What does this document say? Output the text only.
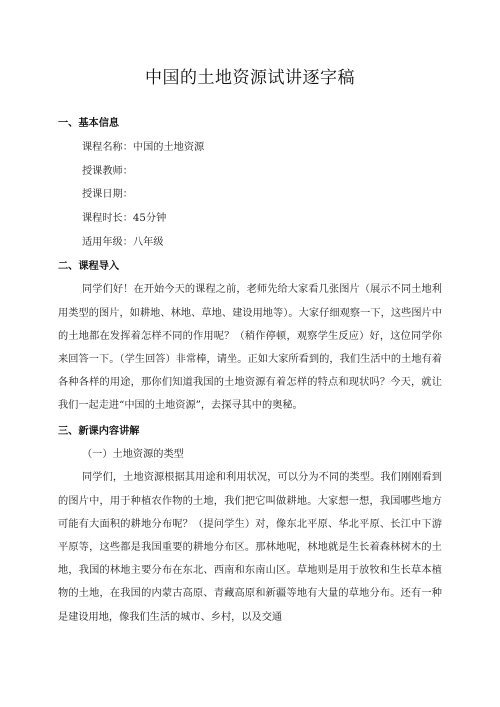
中国的土地资源试讲逐字稿
一、基本信息
课程名称：中国的土地资源
授课教师：
授课日期：
课程时长：45分钟
适用年级：八年级
二、课程导入

同学们好！在开始今天的课程之前，老师先给大家看几张图片（展示不同土地利用类型的图片，如耕地、林地、草地、建设用地等）。大家仔细观察一下，这些图片中的土地都在发挥着怎样不同的作用呢？（稍作停顿，观察学生反应）好，这位同学你来回答一下。（学生回答）非常棒，请坐。正如大家所看到的，我们生活中的土地有着各种各样的用途，那你们知道我国的土地资源有着怎样的特点和现状吗？今天，就让我们一起走进“中国的土地资源”，去探寻其中的奥秘。

三、新课内容讲解
（一）土地资源的类型

同学们，土地资源根据其用途和利用状况，可以分为不同的类型。我们刚刚看到的图片中，用于种植农作物的土地，我们把它叫做耕地。大家想一想，我国哪些地方可能有大面积的耕地分布呢？（提问学生）对，像东北平原、华北平原、长江中下游平原等，这些都是我国重要的耕地分布区。那林地呢，林地就是生长着森林树木的土地，我国的林地主要分布在东北、西南和东南山区。草地则是用于放牧和生长草本植物的土地，在我国的内蒙古高原、青藏高原和新疆等地有大量的草地分布。还有一种是建设用地，像我们生活的城市、乡村，以及交通
